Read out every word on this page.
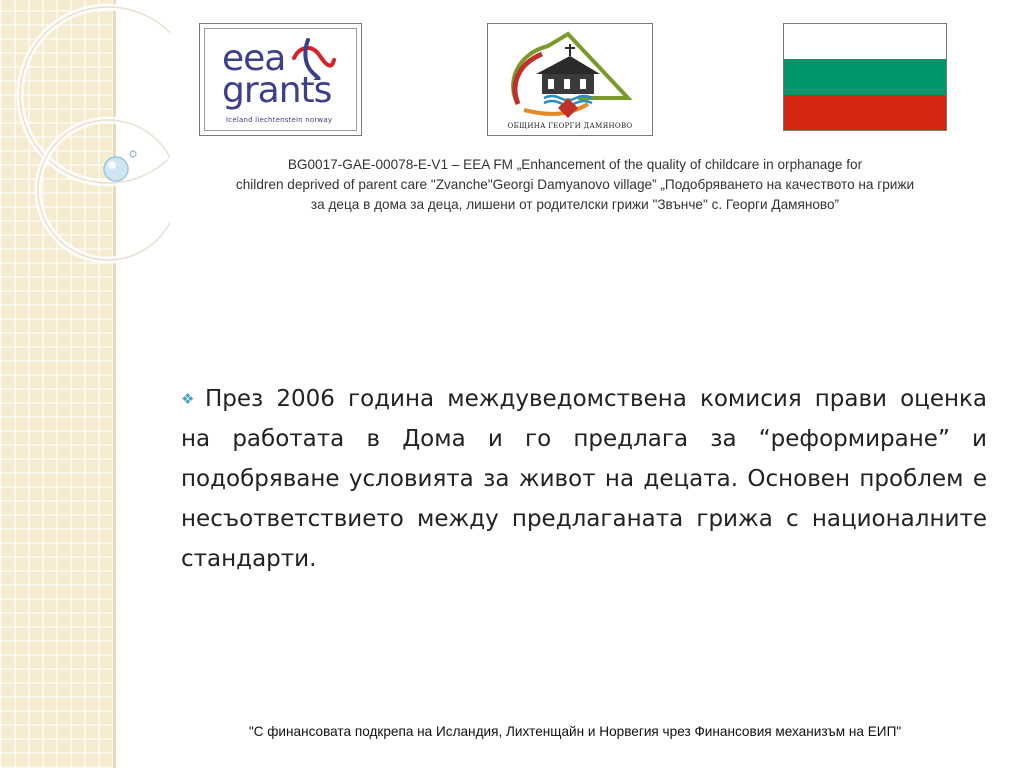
eea
grants
Iceland liechtenstein norway
ОБЩИНА ГЕОРГИ ДАМЯНОВО
BG0017-GAE-00078-E-V1 – EEA FM „Enhancement of the quality of childcare in orphanage for
children deprived of parent care "Zvanche"Georgi Damyanovo village” „Подобряването на качеството на грижи
за деца в дома за деца, лишени от родителски грижи "Звънче" с. Георги Дамяново”
❖ През 2006 година междуведомствена комисия прави оценка на работата в Дома и го предлага за “реформиране” и подобряване условията за живот на децата. Основен проблем е несъответствието между предлаганата грижа с националните стандарти.
"С финансовата подкрепа на Исландия, Лихтенщайн и Норвегия чрез Финансовия механизъм на ЕИП"
